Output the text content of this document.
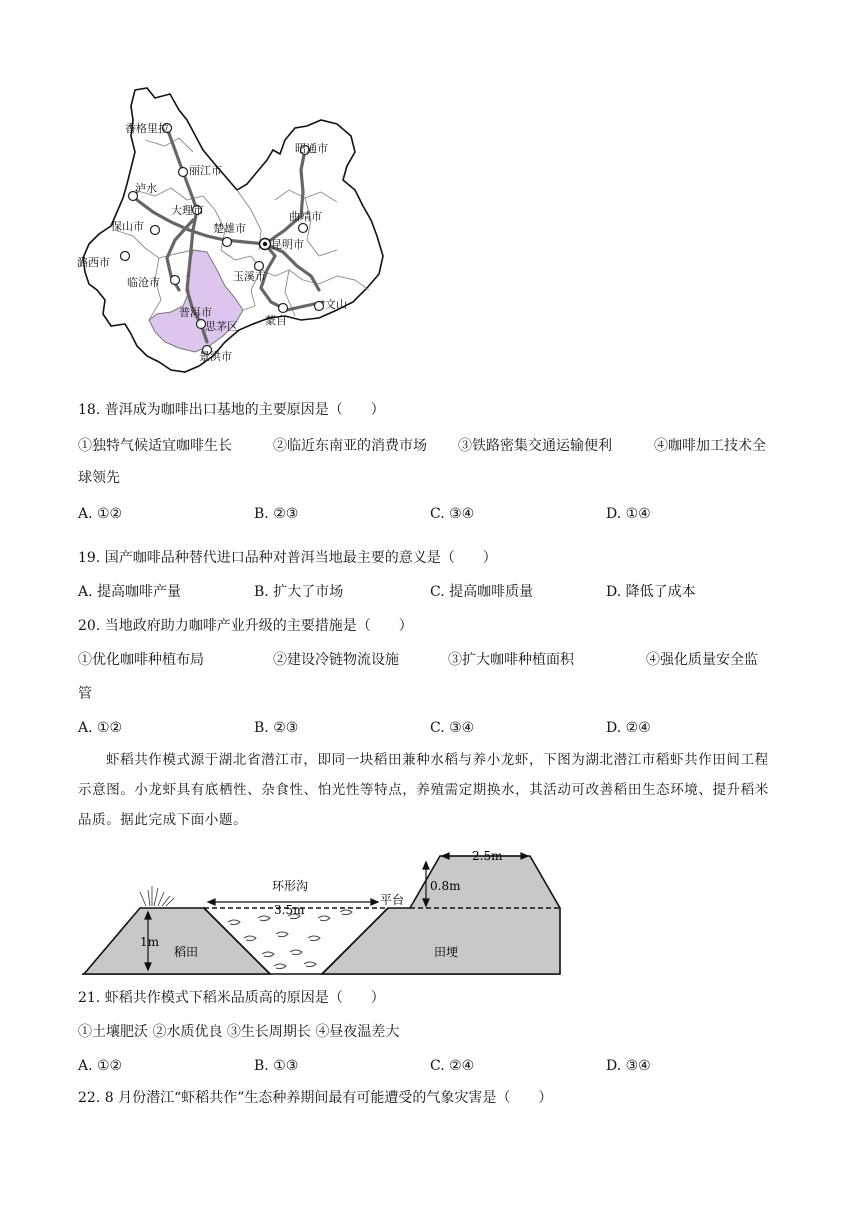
香格里拉
丽江市
昭通市
泸水
大理市	曲靖市
保山市	楚雄市
昆明市
潞西市
玉溪市
临沧市
文山
普洱市
思茅区 蒙自
景洪市
18. 普洱成为咖啡出口基地的主要原因是（　　）
①独特气候适宜咖啡生长	②临近东南亚的消费市场 ③铁路密集交通运输便利	④咖啡加工技术全
球领先
A. ①②	B. ②③	C. ③④	D. ①④
19. 国产咖啡品种替代进口品种对普洱当地最主要的意义是（　　）
A. 提高咖啡产量	B. 扩大了市场	C. 提高咖啡质量	D. 降低了成本
20. 当地政府助力咖啡产业升级的主要措施是（　　）
①优化咖啡种植布局	②建设冷链物流设施	③扩大咖啡种植面积	④强化质量安全监
管
A. ①②	B. ②③	C. ③④	D. ②④
虾稻共作模式源于湖北省潜江市，即同一块稻田兼种水稻与养小龙虾，下图为湖北潜江市稻虾共作田间工程示意图。小龙虾具有底栖性、杂食性、怕光性等特点，养殖需定期换水，其活动可改善稻田生态环境、提升稻米品质。据此完成下面小题。
环形沟
3.5m
平台
2.5m
0.8m
1m
稻田	田埂
21. 虾稻共作模式下稻米品质高的原因是（　　）
①土壤肥沃 ②水质优良 ③生长周期长 ④昼夜温差大
A. ①②	B. ①③	C. ②④	D. ③④
22. 8 月份潜江“虾稻共作”生态种养期间最有可能遭受的气象灾害是（　　）
